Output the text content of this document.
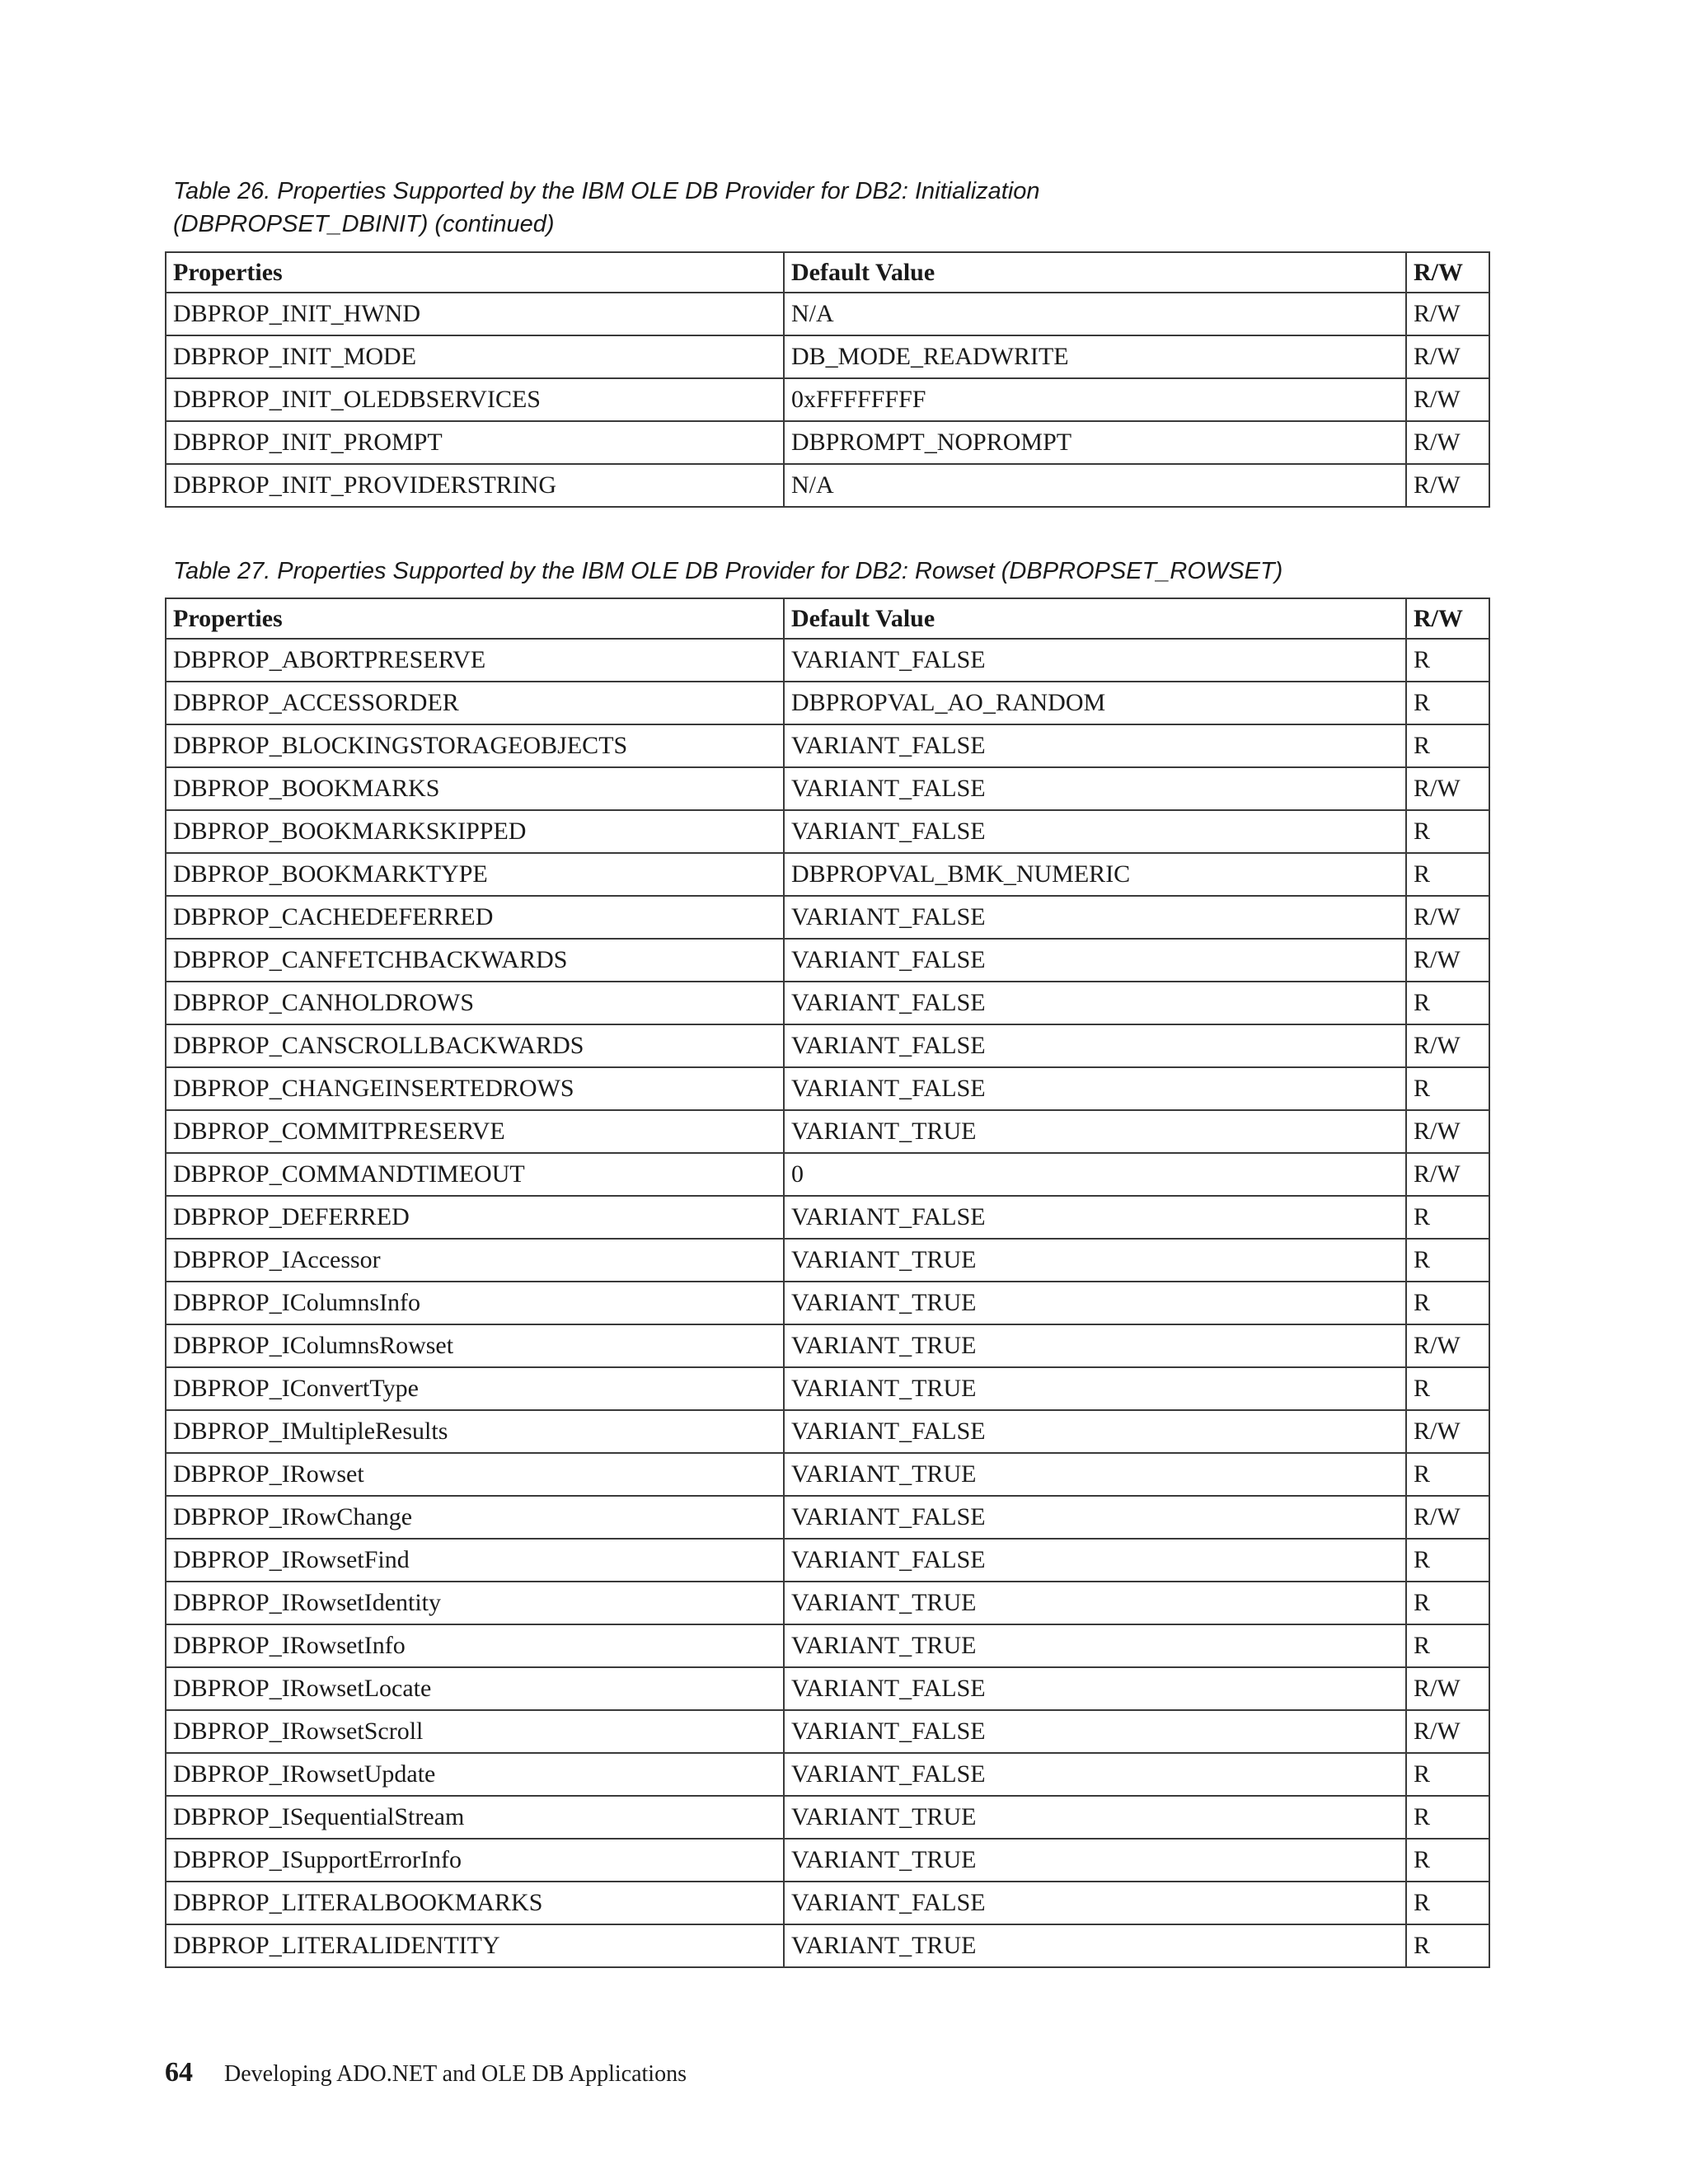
Table 26. Properties Supported by the IBM OLE DB Provider for DB2: Initialization
(DBPROPSET_DBINIT) (continued)
Properties	Default Value	R/W
DBPROP_INIT_HWND	N/A	R/W
DBPROP_INIT_MODE	DB_MODE_READWRITE	R/W
DBPROP_INIT_OLEDBSERVICES	0xFFFFFFFF	R/W
DBPROP_INIT_PROMPT	DBPROMPT_NOPROMPT	R/W
DBPROP_INIT_PROVIDERSTRING	N/A	R/W
Table 27. Properties Supported by the IBM OLE DB Provider for DB2: Rowset (DBPROPSET_ROWSET)
Properties	Default Value	R/W
DBPROP_ABORTPRESERVE	VARIANT_FALSE	R
DBPROP_ACCESSORDER	DBPROPVAL_AO_RANDOM	R
DBPROP_BLOCKINGSTORAGEOBJECTS	VARIANT_FALSE	R
DBPROP_BOOKMARKS	VARIANT_FALSE	R/W
DBPROP_BOOKMARKSKIPPED	VARIANT_FALSE	R
DBPROP_BOOKMARKTYPE	DBPROPVAL_BMK_NUMERIC	R
DBPROP_CACHEDEFERRED	VARIANT_FALSE	R/W
DBPROP_CANFETCHBACKWARDS	VARIANT_FALSE	R/W
DBPROP_CANHOLDROWS	VARIANT_FALSE	R
DBPROP_CANSCROLLBACKWARDS	VARIANT_FALSE	R/W
DBPROP_CHANGEINSERTEDROWS	VARIANT_FALSE	R
DBPROP_COMMITPRESERVE	VARIANT_TRUE	R/W
DBPROP_COMMANDTIMEOUT	0	R/W
DBPROP_DEFERRED	VARIANT_FALSE	R
DBPROP_IAccessor	VARIANT_TRUE	R
DBPROP_IColumnsInfo	VARIANT_TRUE	R
DBPROP_IColumnsRowset	VARIANT_TRUE	R/W
DBPROP_IConvertType	VARIANT_TRUE	R
DBPROP_IMultipleResults	VARIANT_FALSE	R/W
DBPROP_IRowset	VARIANT_TRUE	R
DBPROP_IRowChange	VARIANT_FALSE	R/W
DBPROP_IRowsetFind	VARIANT_FALSE	R
DBPROP_IRowsetIdentity	VARIANT_TRUE	R
DBPROP_IRowsetInfo	VARIANT_TRUE	R
DBPROP_IRowsetLocate	VARIANT_FALSE	R/W
DBPROP_IRowsetScroll	VARIANT_FALSE	R/W
DBPROP_IRowsetUpdate	VARIANT_FALSE	R
DBPROP_ISequentialStream	VARIANT_TRUE	R
DBPROP_ISupportErrorInfo	VARIANT_TRUE	R
DBPROP_LITERALBOOKMARKS	VARIANT_FALSE	R
DBPROP_LITERALIDENTITY	VARIANT_TRUE	R
64 Developing ADO.NET and OLE DB Applications
